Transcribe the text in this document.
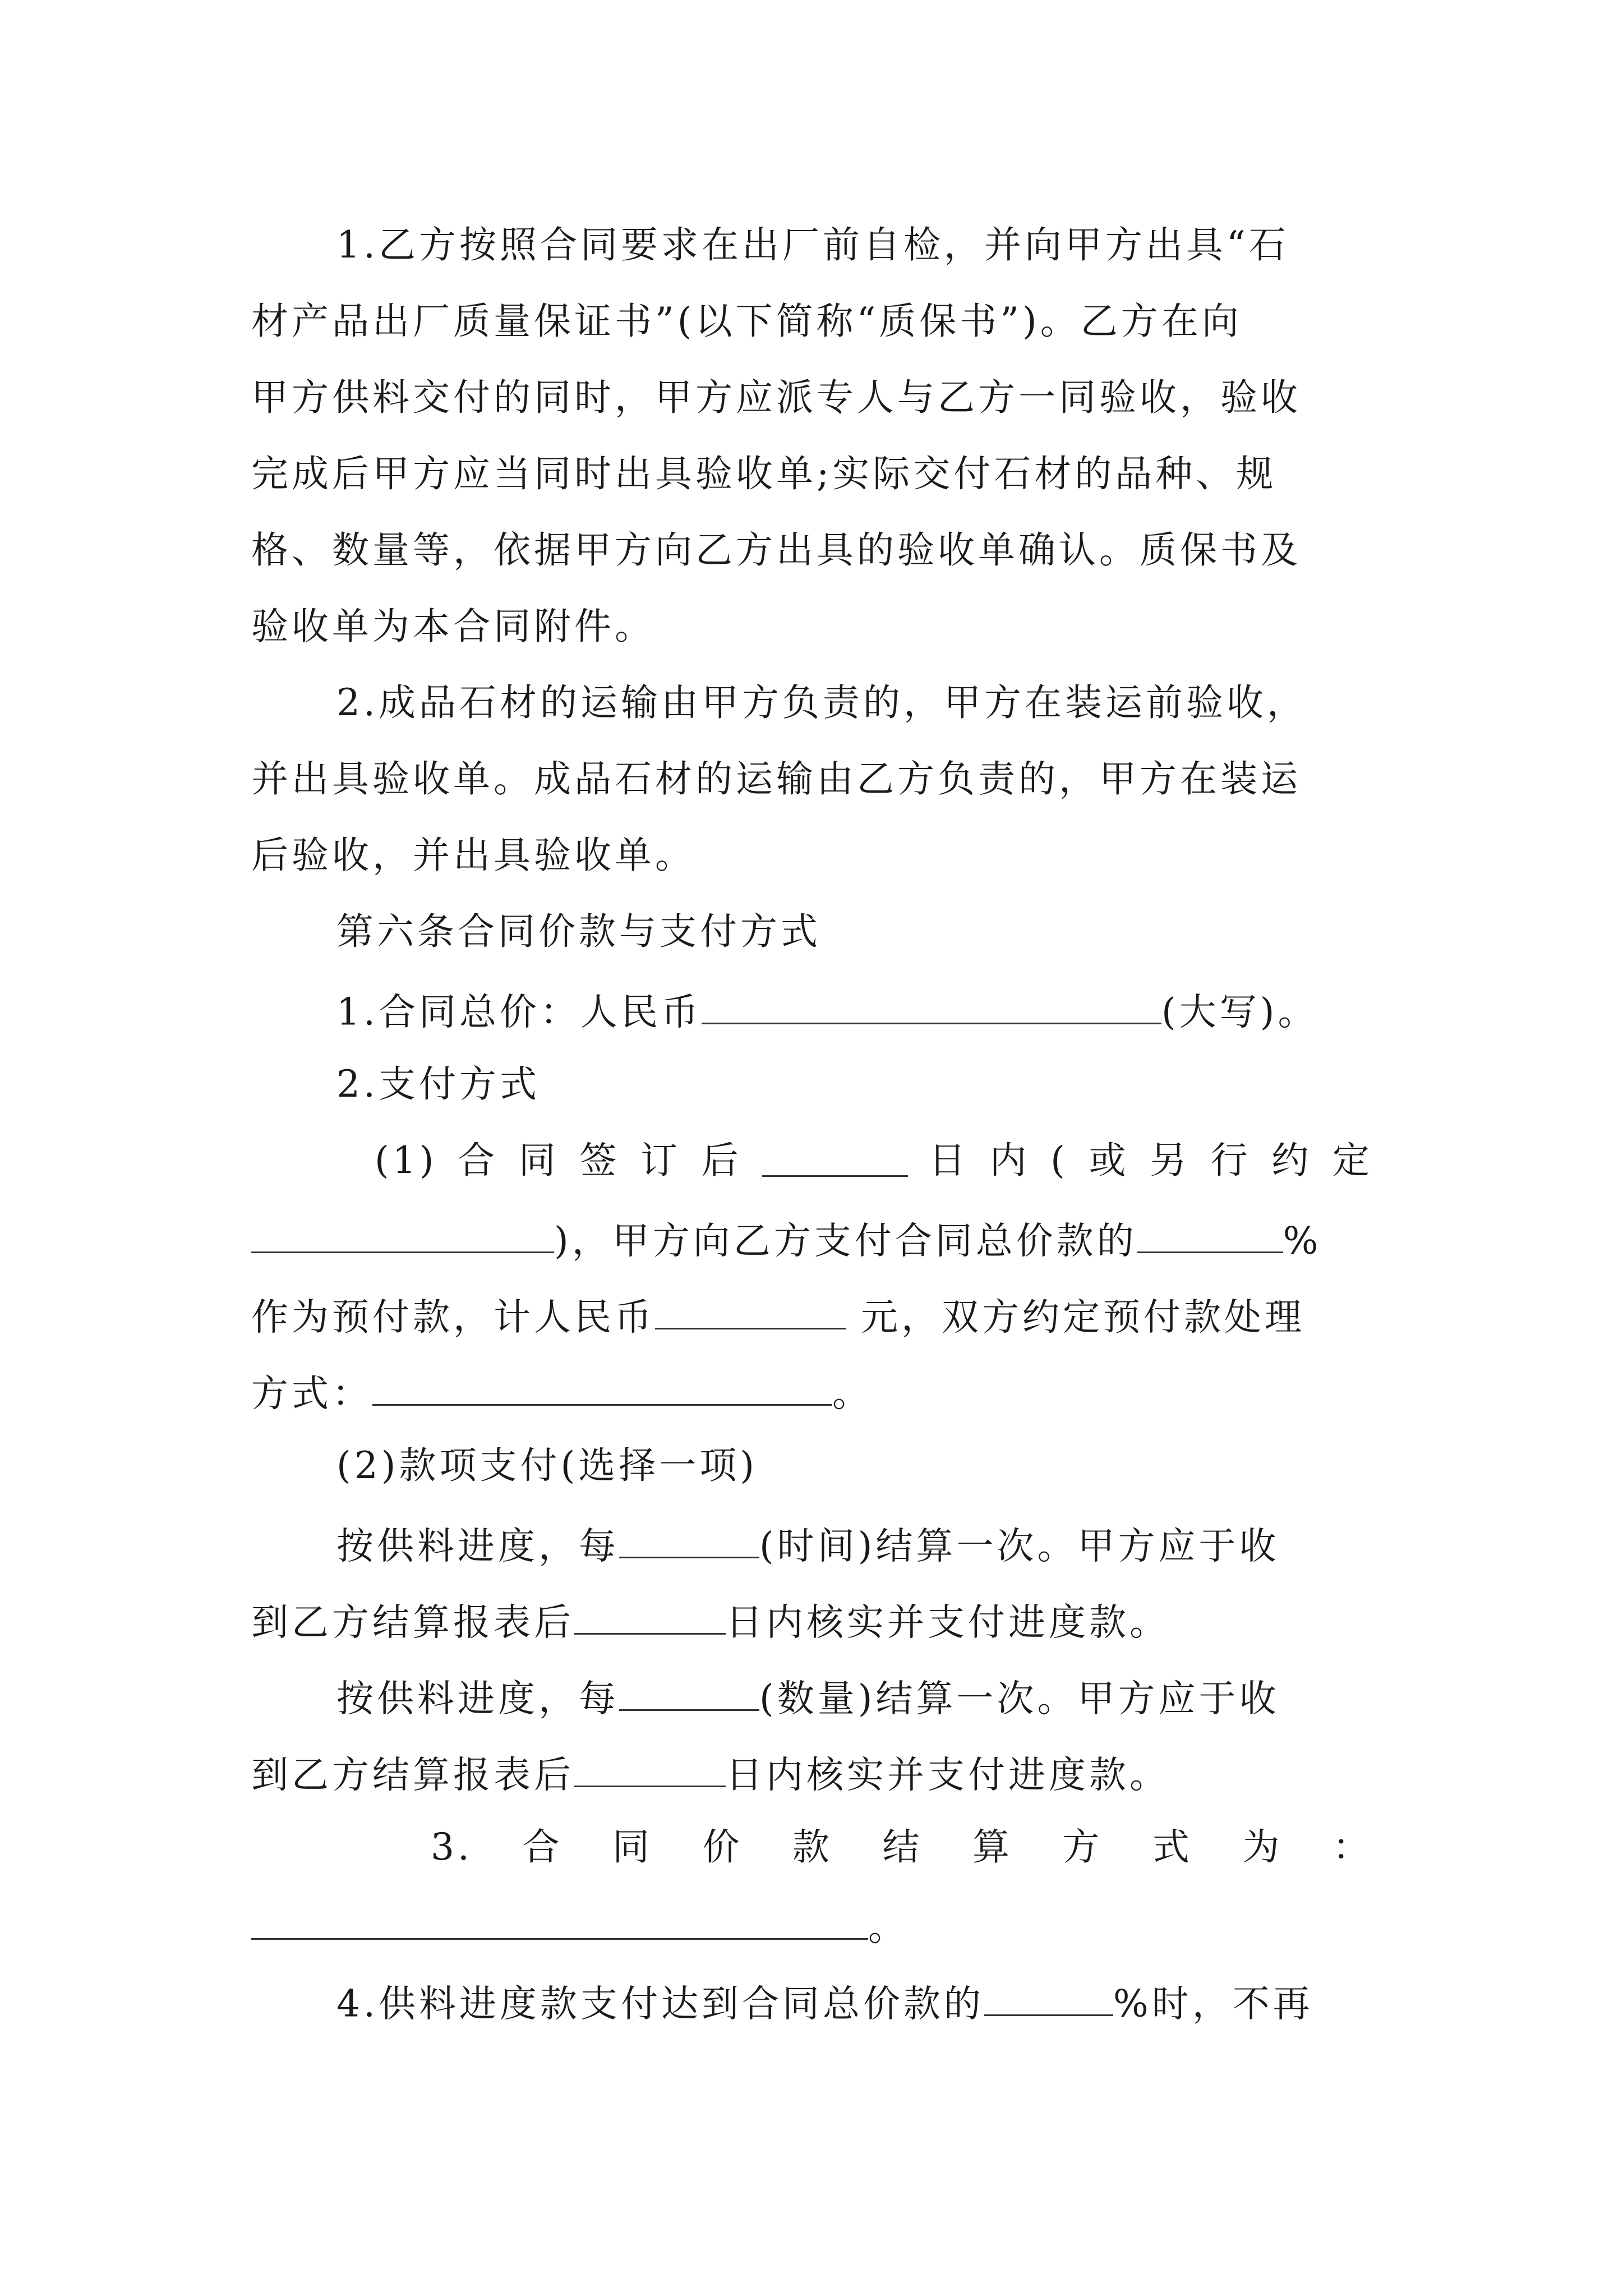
1.乙方按照合同要求在出厂前自检，并向甲方出具“石
材产品出厂质量保证书”(以下简称“质保书”)。乙方在向
甲方供料交付的同时，甲方应派专人与乙方一同验收，验收
完成后甲方应当同时出具验收单;实际交付石材的品种、规
格、数量等，依据甲方向乙方出具的验收单确认。质保书及
验收单为本合同附件。
2.成品石材的运输由甲方负责的，甲方在装运前验收，
并出具验收单。成品石材的运输由乙方负责的，甲方在装运
后验收，并出具验收单。
第六条合同价款与支付方式
1.合同总价：人民币	(大写)。
2.支付方式
(1) 合 同 签 订 后	日 内 ( 或 另 行 约 定
)，甲方向乙方支付合同总价款的	%
作为预付款，计人民币	元，双方约定预付款处理
方式：	。
(2)款项支付(选择一项)
按供料进度，每	(时间)结算一次。甲方应于收
到乙方结算报表后	日内核实并支付进度款。
按供料进度，每	(数量)结算一次。甲方应于收
到乙方结算报表后	日内核实并支付进度款。
3. 合 同 价 款 结 算 方 式 为 ：
。
4.供料进度款支付达到合同总价款的	%时，不再
